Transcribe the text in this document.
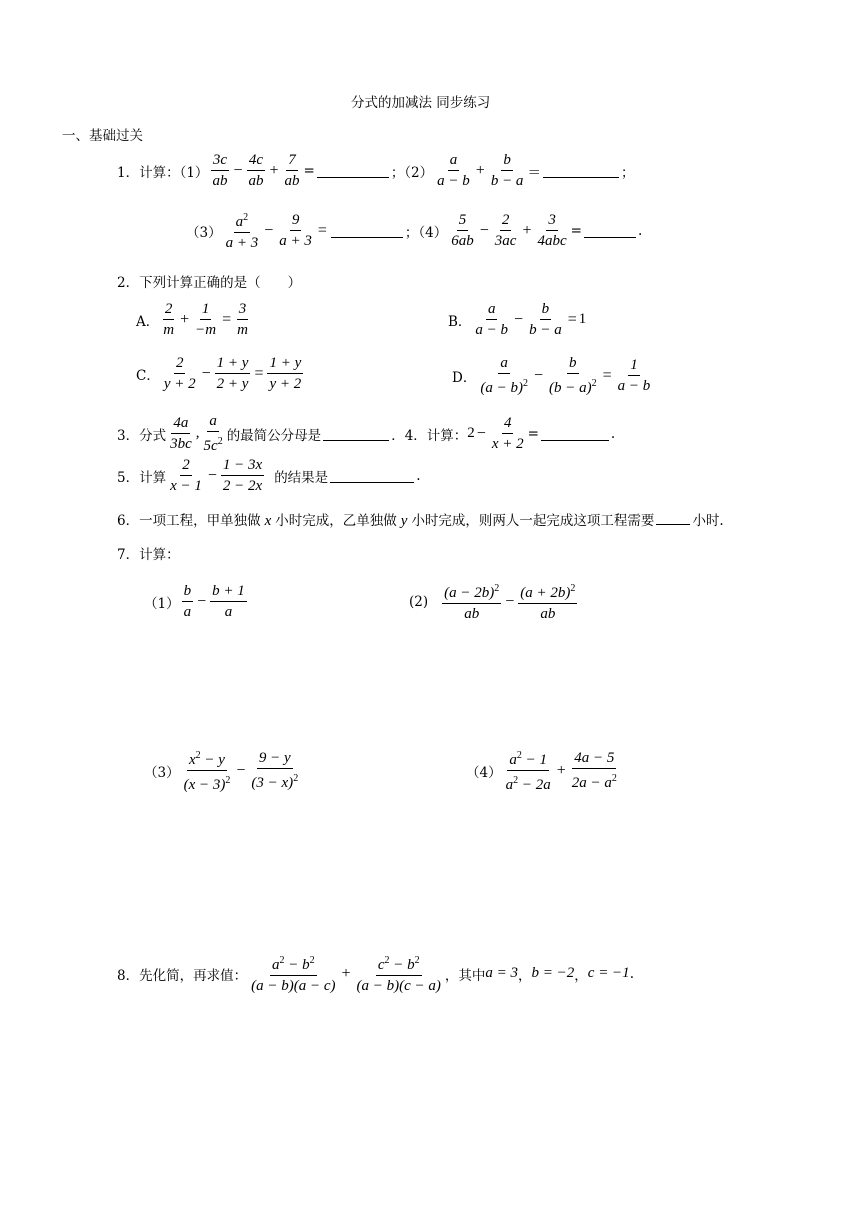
分式的加减法 同步练习
一、基础过关
1．计算：$(1) \frac{3c}{ab} - \frac{4c}{ab} + \frac{7}{ab}$ =	；$(2) \frac{a}{a - b} + \frac{b}{b - a}$ ＝	；
$(3) \frac{a^2}{a + 3} - \frac{9}{a + 3}$ =	；$(4) \frac{5}{6ab} - \frac{2}{3ac} + \frac{3}{\text{4abc}}$ =	.
2．下列计算正确的是（　　）
A． $\frac{2}{m} + \frac{1}{-m} = \frac{3}{m}$	B． $\frac{a}{a - b} - \frac{b}{b - a} = 1$
C． $\frac{2}{y + 2} - \frac{1 + y}{2 + y} = \frac{1 + y}{y + 2}$	D． $\frac{a}{(a - b)^2} - \frac{b}{(b - a)^2} = \frac{1}{a - b}$
3．分式 $\frac{4a}{3bc}$ , $\frac{a}{5c^2}$ 的最简公分母是	． 4．计算： $2 - \frac{4}{x + 2}$ =	.
5．计算 $\frac{2}{x - 1} - \frac{1 - 3x}{2 - 2x}$ 的结果是	.
6．一项工程，甲单独做 x 小时完成，乙单独做 y 小时完成，则两人一起完成这项工程需要	小时.
7．计算：
$(1) \frac{b}{a} - \frac{b + 1}{a}$	$(2) \frac{(a - 2b)^2}{ab} - \frac{(a + 2b)^2}{ab}$
$(3) \frac{x^2 - y}{(x - 3)^2} - \frac{9 - y}{(3 - x)^2}$	$(4) \frac{a^2 - 1}{a^2 - 2a} + \frac{4a - 5}{2a - a^2}$
8．先化简，再求值： $\frac{a^2 - b^2}{(a - b)(a - c)} + \frac{c^2 - b^2}{(a - b)(c - a)}$ ，其中 a = 3 ， b = −2 ， c = −1 .
